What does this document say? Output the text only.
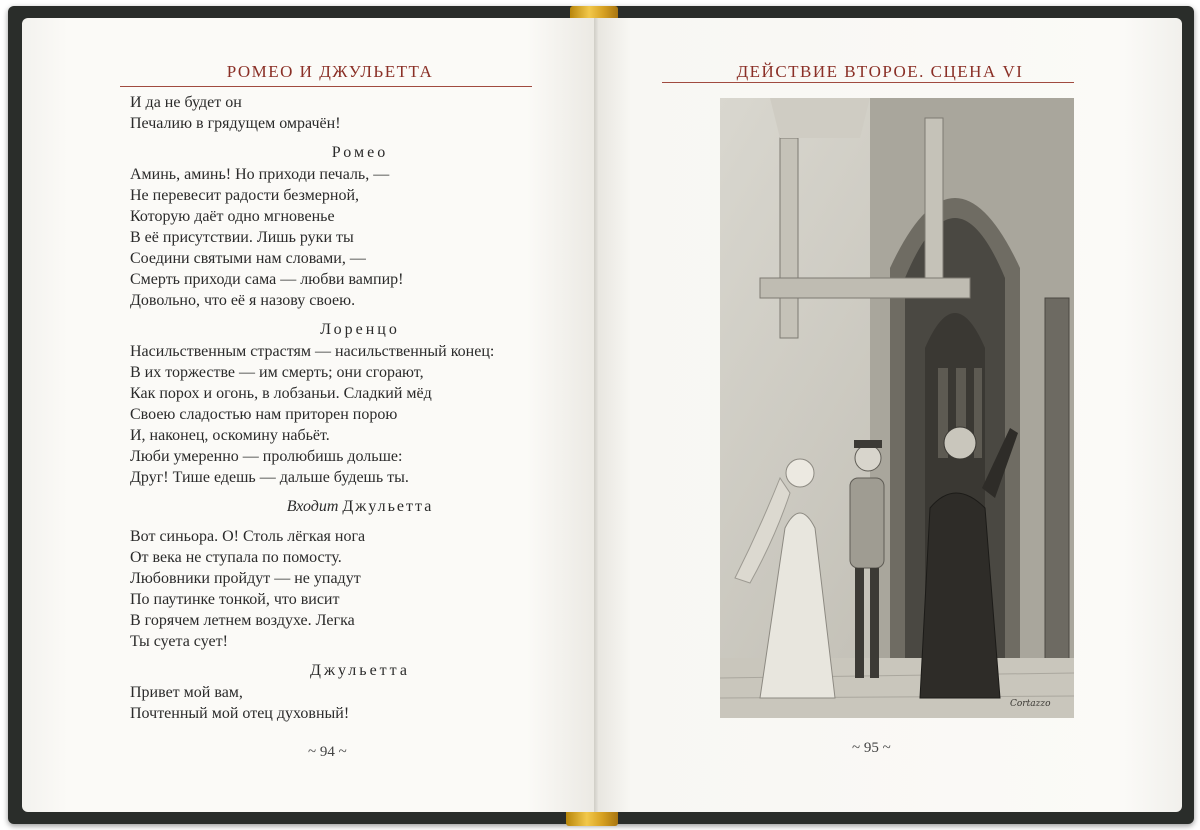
РОМЕО И ДЖУЛЬЕТТА
И да не будет он
Печалию в грядущем омрачён!
Ромео
Аминь, аминь! Но приходи печаль, —
Не перевесит радости безмерной,
Которую даёт одно мгновенье
В её присутствии. Лишь руки ты
Соедини святыми нам словами, —
Смерть приходи сама — любви вампир!
Довольно, что её я назову своею.
Лоренцо
Насильственным страстям — насильственный конец:
В их торжестве — им смерть; они сгорают,
Как порох и огонь, в лобзаньи. Сладкий мёд
Своею сладостью нам приторен порою
И, наконец, оскомину набьёт.
Люби умеренно — пролюбишь дольше:
Друг! Тише едешь — дальше будешь ты.
Входит Джульетта
Вот синьора. О! Столь лёгкая нога
От века не ступала по помосту.
Любовники пройдут — не упадут
По паутинке тонкой, что висит
В горячем летнем воздухе. Легка
Ты суета сует!
Джульетта
Привет мой вам,
Почтенный мой отец духовный!
~ 94 ~
ДЕЙСТВИЕ ВТОРОЕ. СЦЕНА VI
Cortazzo
~ 95 ~
